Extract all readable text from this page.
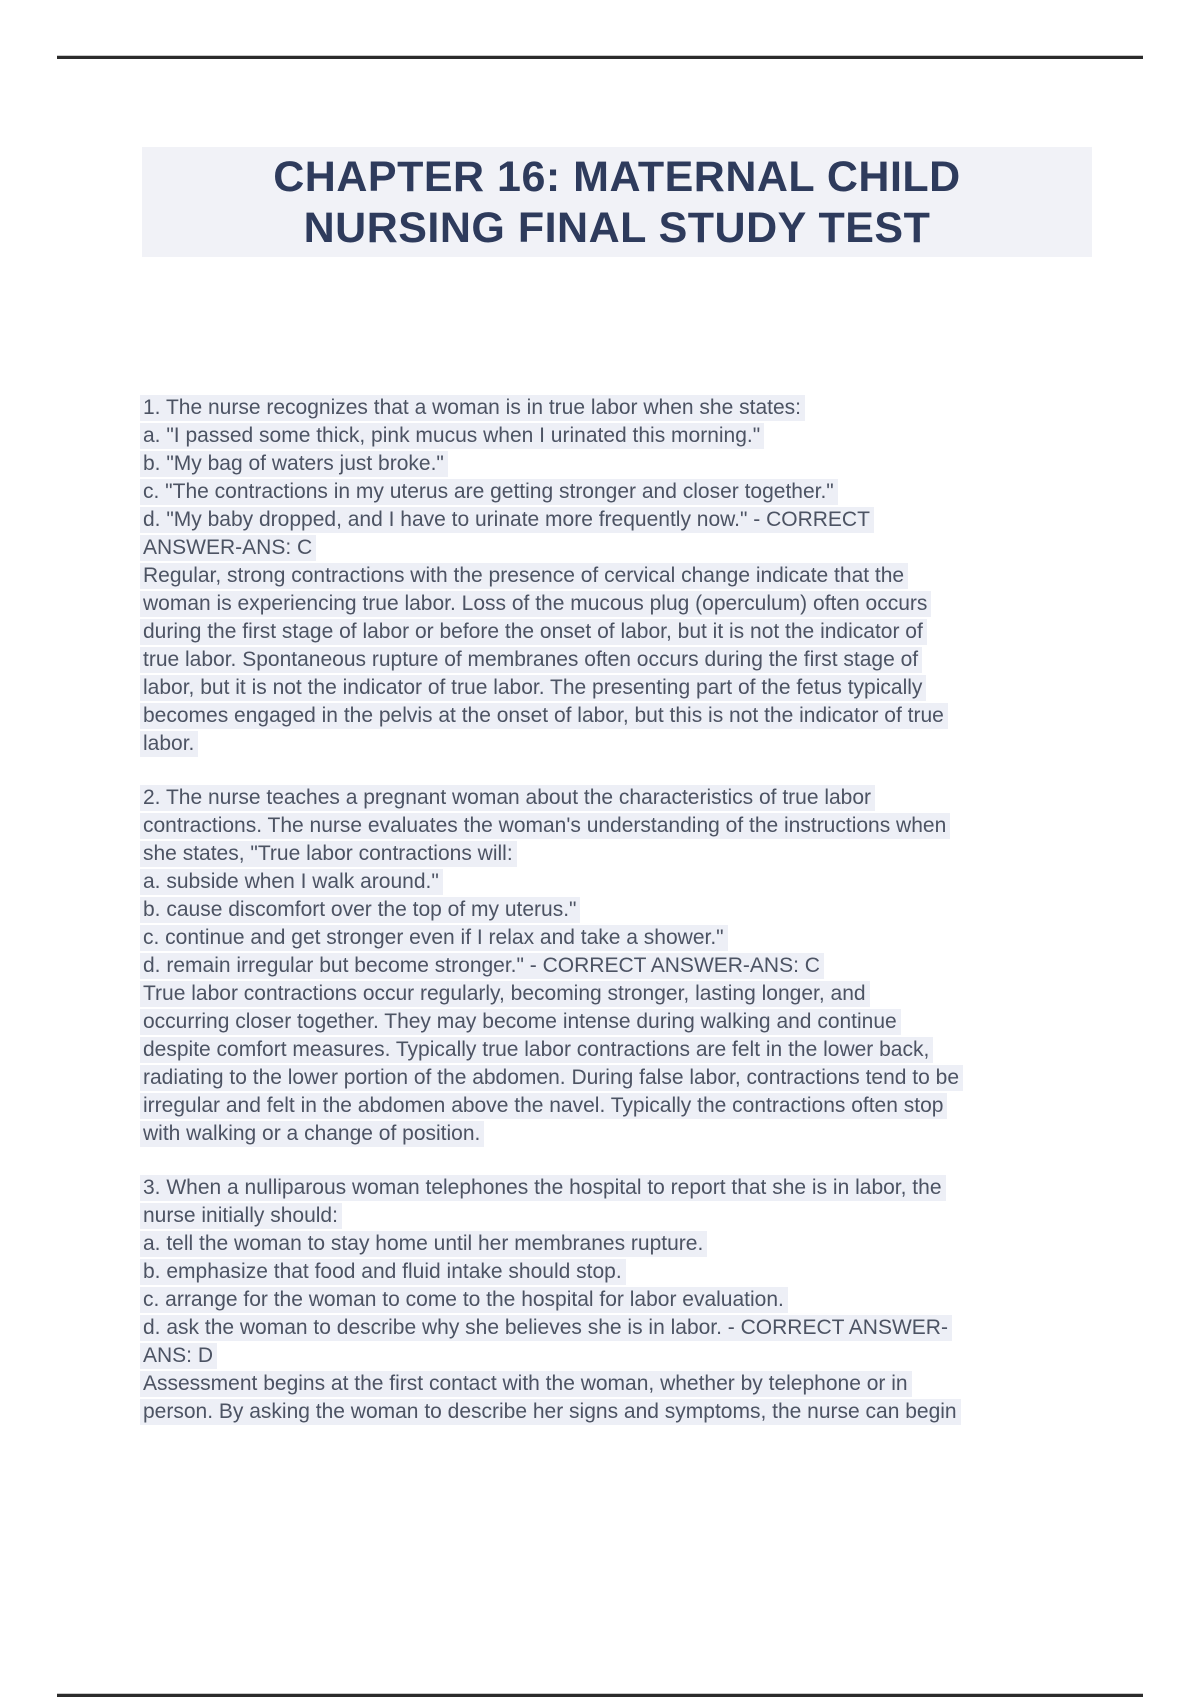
CHAPTER 16: MATERNAL CHILD
NURSING FINAL STUDY TEST
1. The nurse recognizes that a woman is in true labor when she states:
a. "I passed some thick, pink mucus when I urinated this morning."
b. "My bag of waters just broke."
c. "The contractions in my uterus are getting stronger and closer together."
d. "My baby dropped, and I have to urinate more frequently now." - CORRECT
ANSWER-ANS: C
Regular, strong contractions with the presence of cervical change indicate that the
woman is experiencing true labor. Loss of the mucous plug (operculum) often occurs
during the first stage of labor or before the onset of labor, but it is not the indicator of
true labor. Spontaneous rupture of membranes often occurs during the first stage of
labor, but it is not the indicator of true labor. The presenting part of the fetus typically
becomes engaged in the pelvis at the onset of labor, but this is not the indicator of true
labor.
2. The nurse teaches a pregnant woman about the characteristics of true labor
contractions. The nurse evaluates the woman's understanding of the instructions when
she states, "True labor contractions will:
a. subside when I walk around."
b. cause discomfort over the top of my uterus."
c. continue and get stronger even if I relax and take a shower."
d. remain irregular but become stronger." - CORRECT ANSWER-ANS: C
True labor contractions occur regularly, becoming stronger, lasting longer, and
occurring closer together. They may become intense during walking and continue
despite comfort measures. Typically true labor contractions are felt in the lower back,
radiating to the lower portion of the abdomen. During false labor, contractions tend to be
irregular and felt in the abdomen above the navel. Typically the contractions often stop
with walking or a change of position.
3. When a nulliparous woman telephones the hospital to report that she is in labor, the
nurse initially should:
a. tell the woman to stay home until her membranes rupture.
b. emphasize that food and fluid intake should stop.
c. arrange for the woman to come to the hospital for labor evaluation.
d. ask the woman to describe why she believes she is in labor. - CORRECT ANSWER-
ANS: D
Assessment begins at the first contact with the woman, whether by telephone or in
person. By asking the woman to describe her signs and symptoms, the nurse can begin
